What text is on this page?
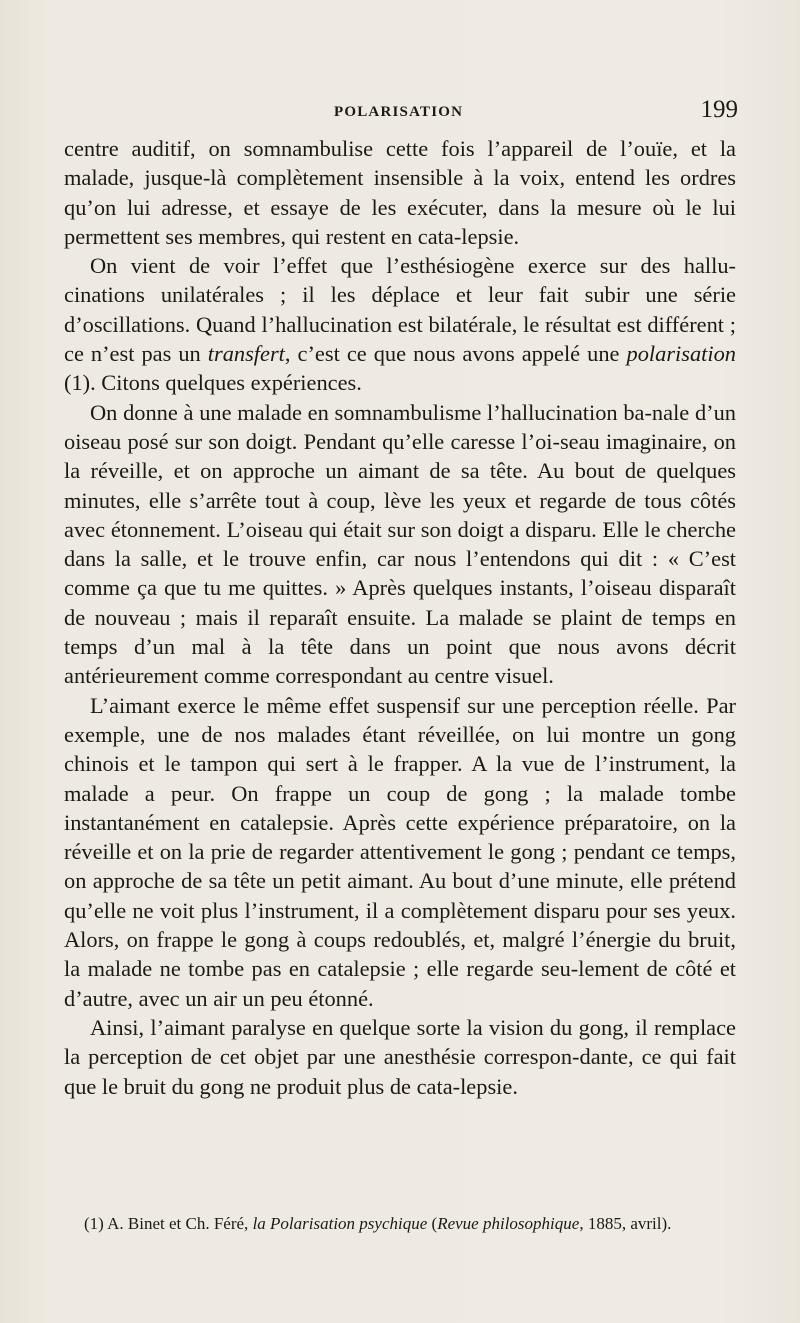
POLARISATION	199

centre auditif, on somnambulise cette fois l’appareil de l’ouïe, et la malade, jusque-là complètement insensible à la voix, entend les ordres qu’on lui adresse, et essaye de les exécuter, dans la mesure où le lui permettent ses membres, qui restent en cata-lepsie.

On vient de voir l’effet que l’esthésiogène exerce sur des hallu-cinations unilatérales ; il les déplace et leur fait subir une série d’oscillations. Quand l’hallucination est bilatérale, le résultat est différent ; ce n’est pas un transfert, c’est ce que nous avons appelé une polarisation (1). Citons quelques expériences.

On donne à une malade en somnambulisme l’hallucination ba-nale d’un oiseau posé sur son doigt. Pendant qu’elle caresse l’oi-seau imaginaire, on la réveille, et on approche un aimant de sa tête. Au bout de quelques minutes, elle s’arrête tout à coup, lève les yeux et regarde de tous côtés avec étonnement. L’oiseau qui était sur son doigt a disparu. Elle le cherche dans la salle, et le trouve enfin, car nous l’entendons qui dit : « C’est comme ça que tu me quittes. » Après quelques instants, l’oiseau disparaît de nouveau ; mais il reparaît ensuite. La malade se plaint de temps en temps d’un mal à la tête dans un point que nous avons décrit antérieurement comme correspondant au centre visuel.

L’aimant exerce le même effet suspensif sur une perception réelle. Par exemple, une de nos malades étant réveillée, on lui montre un gong chinois et le tampon qui sert à le frapper. A la vue de l’instrument, la malade a peur. On frappe un coup de gong ; la malade tombe instantanément en catalepsie. Après cette expérience préparatoire, on la réveille et on la prie de regarder attentivement le gong ; pendant ce temps, on approche de sa tête un petit aimant. Au bout d’une minute, elle prétend qu’elle ne voit plus l’instrument, il a complètement disparu pour ses yeux. Alors, on frappe le gong à coups redoublés, et, malgré l’énergie du bruit, la malade ne tombe pas en catalepsie ; elle regarde seu-lement de côté et d’autre, avec un air un peu étonné.

Ainsi, l’aimant paralyse en quelque sorte la vision du gong, il remplace la perception de cet objet par une anesthésie correspon-dante, ce qui fait que le bruit du gong ne produit plus de cata-lepsie.

(1) A. Binet et Ch. Féré, la Polarisation psychique (Revue philosophique, 1885, avril).
